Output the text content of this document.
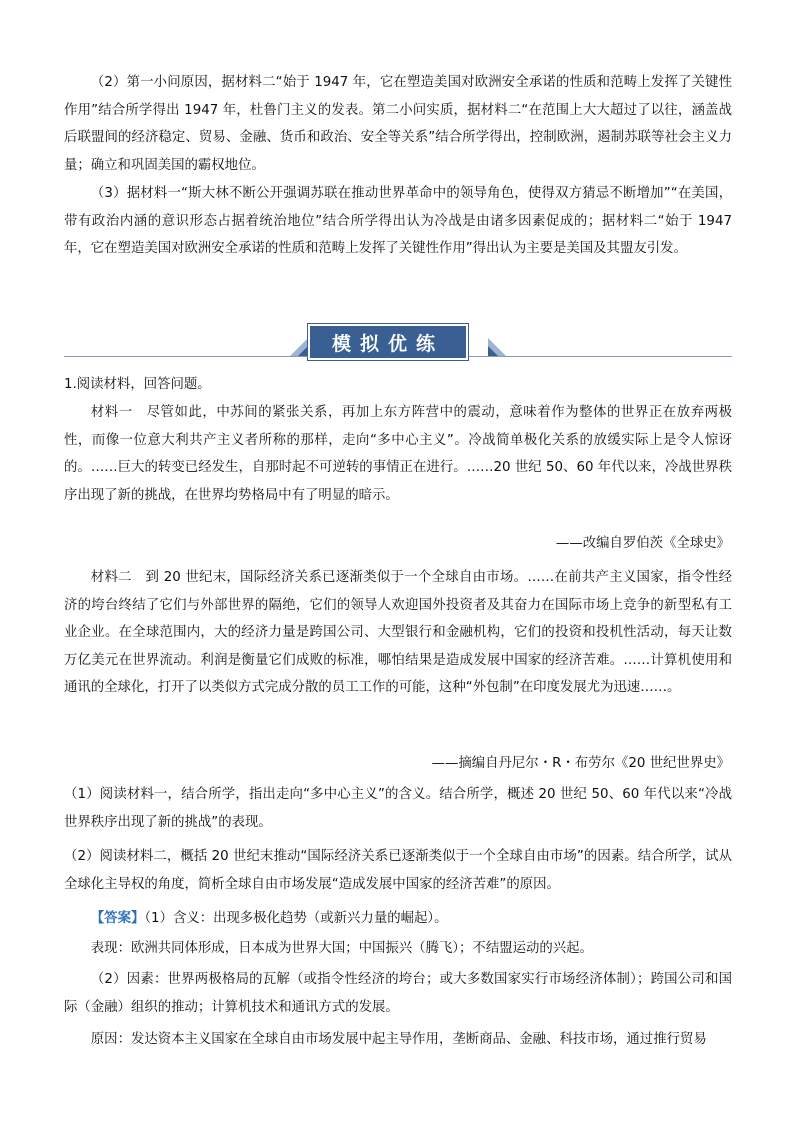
（2）第一小问原因，据材料二“始于 1947 年，它在塑造美国对欧洲安全承诺的性质和范畴上发挥了关键性作用”结合所学得出 1947 年，杜鲁门主义的发表。第二小问实质，据材料二“在范围上大大超过了以往，涵盖战后联盟间的经济稳定、贸易、金融、货币和政治、安全等关系”结合所学得出，控制欧洲，遏制苏联等社会主义力量；确立和巩固美国的霸权地位。

（3）据材料一“斯大林不断公开强调苏联在推动世界革命中的领导角色，使得双方猜忌不断增加”“在美国，带有政治内涵的意识形态占据着统治地位”结合所学得出认为冷战是由诸多因素促成的；据材料二“始于 1947 年，它在塑造美国对欧洲安全承诺的性质和范畴上发挥了关键性作用”得出认为主要是美国及其盟友引发。

模拟优练

1.阅读材料，回答问题。

材料一　尽管如此，中苏间的紧张关系，再加上东方阵营中的震动，意味着作为整体的世界正在放弃两极性，而像一位意大利共产主义者所称的那样，走向“多中心主义”。冷战简单极化关系的放缓实际上是令人惊讶的。……巨大的转变已经发生，自那时起不可逆转的事情正在进行。……20 世纪 50、60 年代以来，冷战世界秩序出现了新的挑战，在世界均势格局中有了明显的暗示。

——改编自罗伯茨《全球史》

材料二　到 20 世纪末，国际经济关系已逐渐类似于一个全球自由市场。……在前共产主义国家，指令性经济的垮台终结了它们与外部世界的隔绝，它们的领导人欢迎国外投资者及其奋力在国际市场上竞争的新型私有工业企业。在全球范围内，大的经济力量是跨国公司、大型银行和金融机构，它们的投资和投机性活动，每天让数万亿美元在世界流动。利润是衡量它们成败的标准，哪怕结果是造成发展中国家的经济苦难。……计算机使用和通讯的全球化，打开了以类似方式完成分散的员工工作的可能，这种“外包制”在印度发展尤为迅速……。

——摘编自丹尼尔・R・布劳尔《20 世纪世界史》

（1）阅读材料一，结合所学，指出走向“多中心主义”的含义。结合所学，概述 20 世纪 50、60 年代以来“冷战世界秩序出现了新的挑战”的表现。

（2）阅读材料二，概括 20 世纪末推动“国际经济关系已逐渐类似于一个全球自由市场”的因素。结合所学，试从全球化主导权的角度，简析全球自由市场发展“造成发展中国家的经济苦难”的原因。

【答案】（1）含义：出现多极化趋势（或新兴力量的崛起）。

表现：欧洲共同体形成，日本成为世界大国；中国振兴（腾飞）；不结盟运动的兴起。

（2）因素：世界两极格局的瓦解（或指令性经济的垮台；或大多数国家实行市场经济体制）；跨国公司和国际（金融）组织的推动；计算机技术和通讯方式的发展。

原因：发达资本主义国家在全球自由市场发展中起主导作用，垄断商品、金融、科技市场，通过推行贸易
